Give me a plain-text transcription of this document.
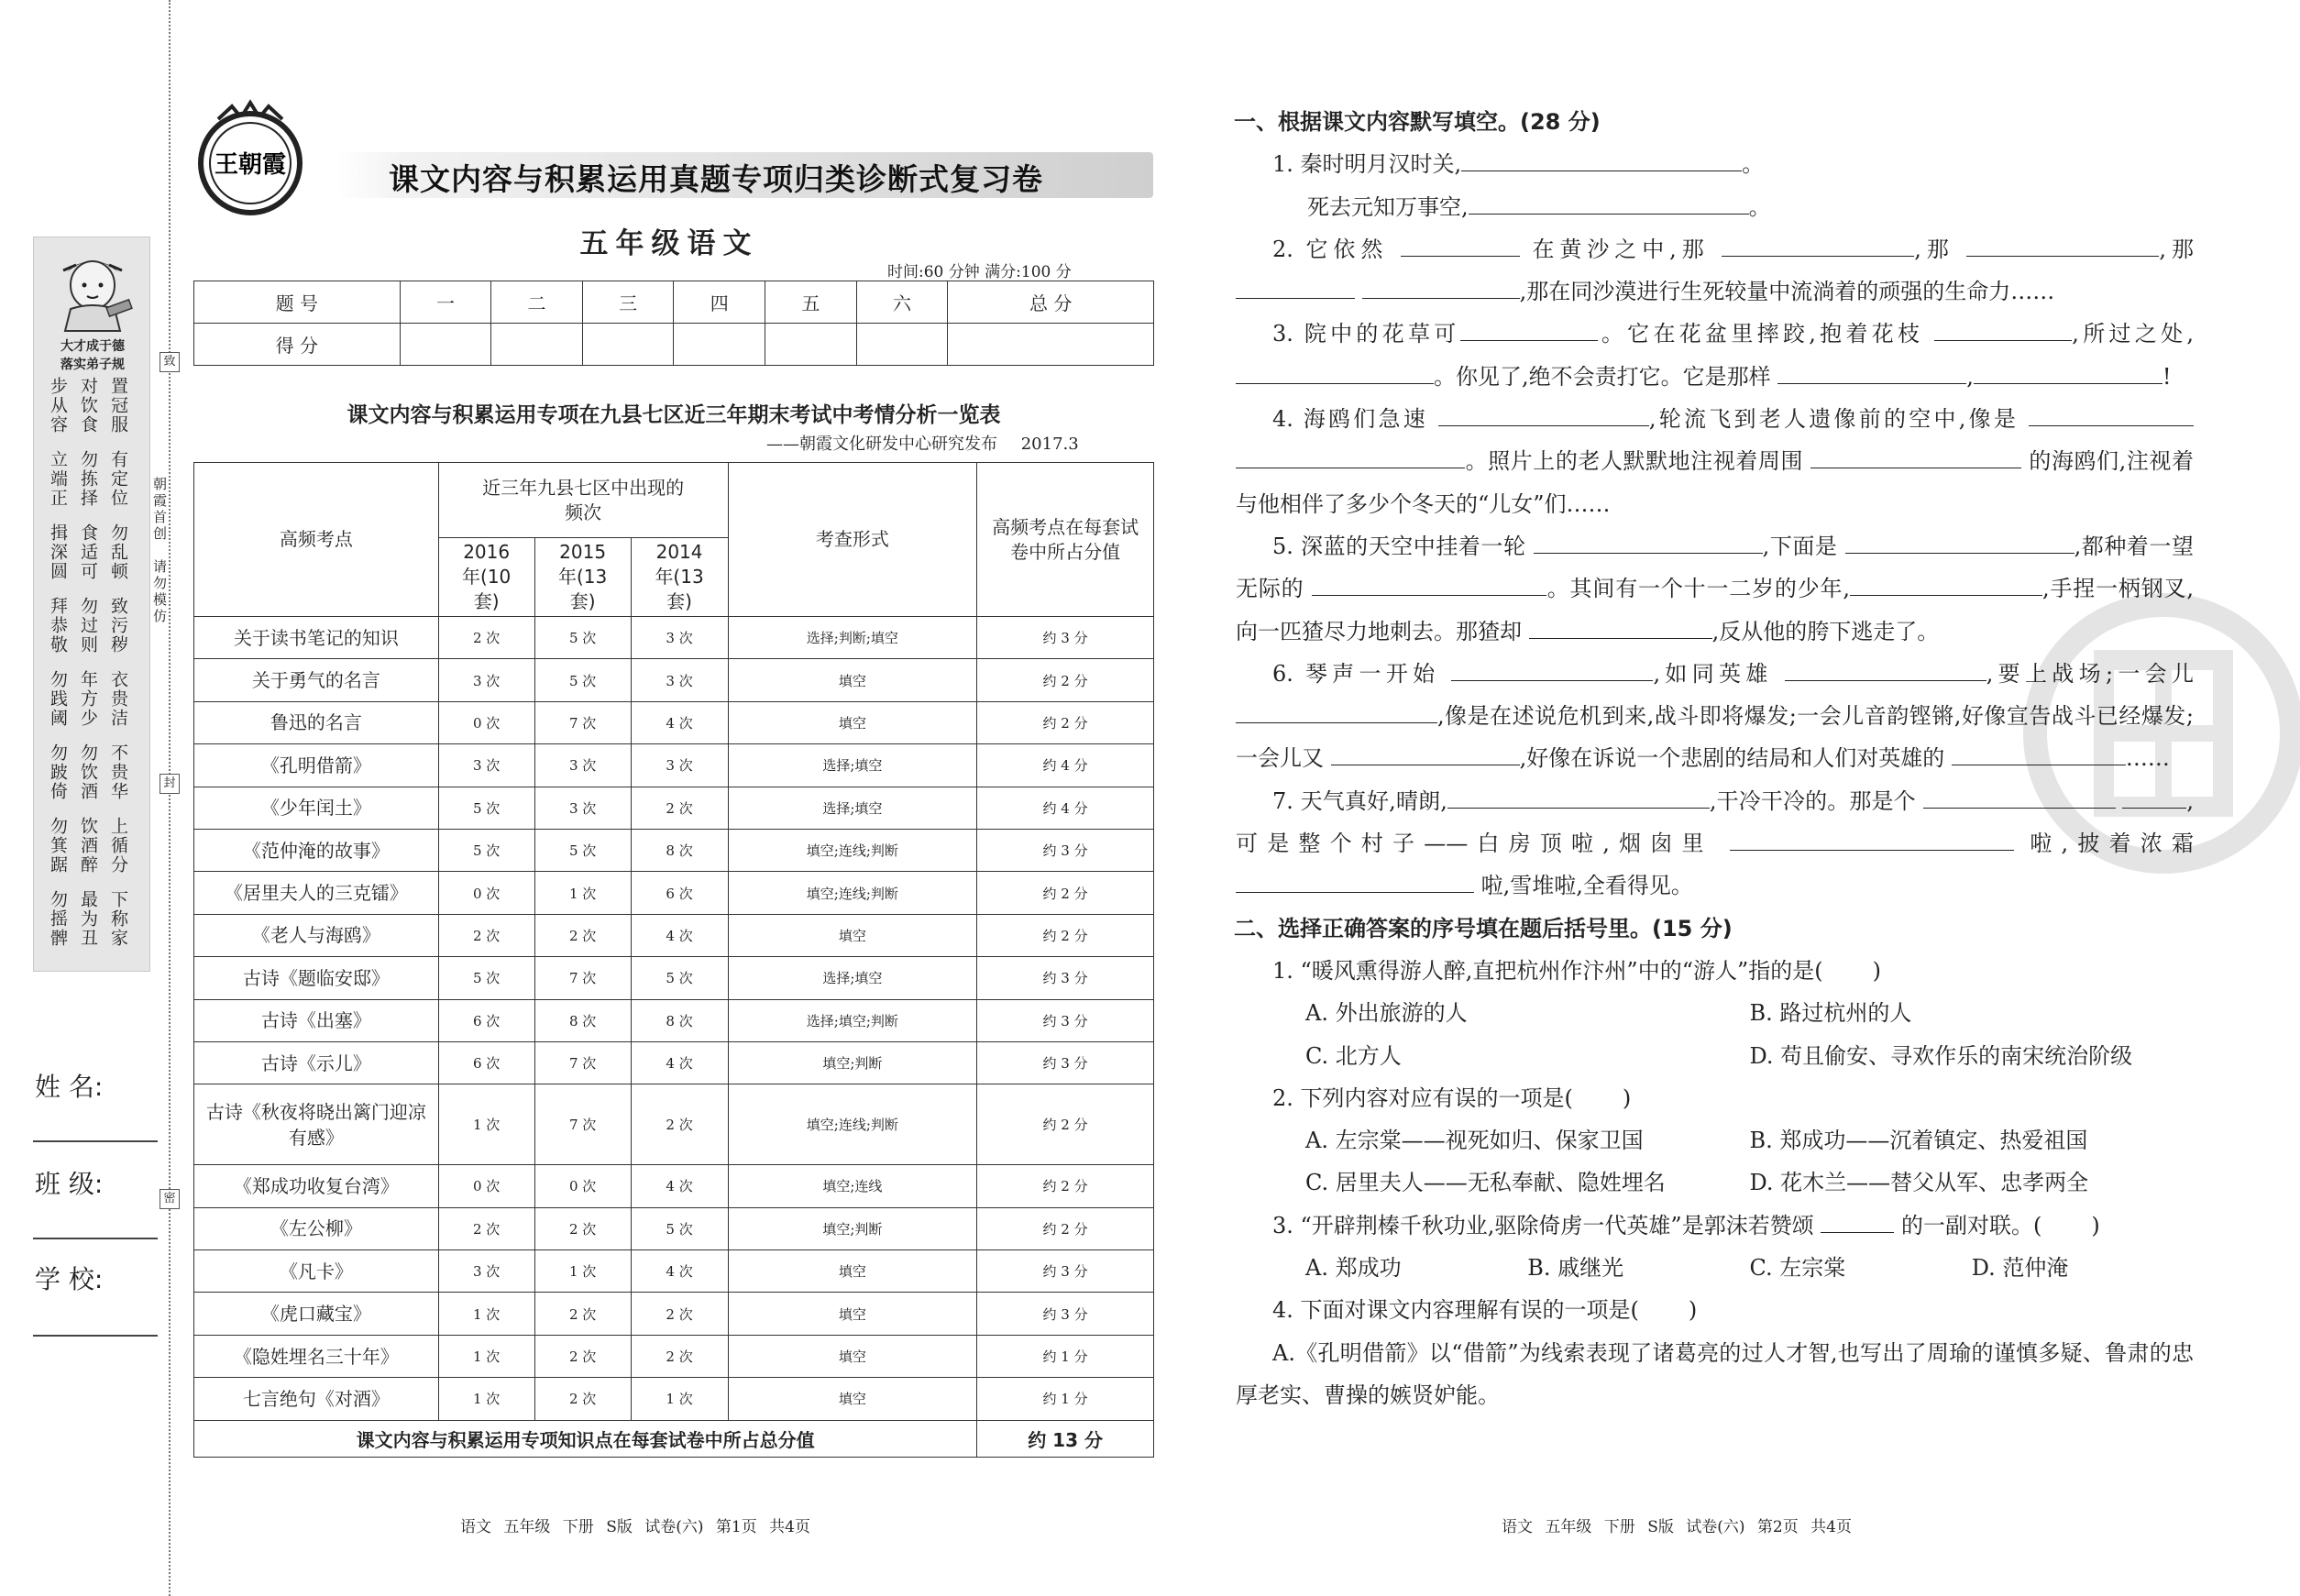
大才成于德
落实弟子规
步从容 对饮食 置冠服
立端正 勿拣择 有定位
揖深圆 食适可 勿乱顿
拜恭敬 勿过则 致污秽
勿践阈 年方少 衣贵洁
勿跛倚 勿饮酒 不贵华
勿箕踞 饮酒醉 上循分
勿摇髀 最为丑 下称家
姓 名:
班 级:
学 校:
致
封
密
朝霞首创
请勿模仿
王朝霞	课文内容与积累运用真题专项归类诊断式复习卷
五年级语文
时间:60 分钟 满分:100 分
题 号	一	二	三	四	五	六	总 分
得 分							
课文内容与积累运用专项在九县七区近三年期末考试中考情分析一览表
——朝霞文化研发中心研究发布 2017.3
高频考点	近三年九县七区中出现的频次			考查形式	高频考点在每套试卷中所占分值
	2016 年(10 套)	2015 年(13 套)	2014 年(13 套)		
关于读书笔记的知识	2 次	5 次	3 次	选择;判断;填空	约 3 分
关于勇气的名言	3 次	5 次	3 次	填空	约 2 分
鲁迅的名言	0 次	7 次	4 次	填空	约 2 分
《孔明借箭》	3 次	3 次	3 次	选择;填空	约 4 分
《少年闰土》	5 次	3 次	2 次	选择;填空	约 4 分
《范仲淹的故事》	5 次	5 次	8 次	填空;连线;判断	约 3 分
《居里夫人的三克镭》	0 次	1 次	6 次	填空;连线;判断	约 2 分
《老人与海鸥》	2 次	2 次	4 次	填空	约 2 分
古诗《题临安邸》	5 次	7 次	5 次	选择;填空	约 3 分
古诗《出塞》	6 次	8 次	8 次	选择;填空;判断	约 3 分
古诗《示儿》	6 次	7 次	4 次	填空;判断	约 3 分
古诗《秋夜将晓出篱门迎凉有感》	1 次	7 次	2 次	填空;连线;判断	约 2 分
《郑成功收复台湾》	0 次	0 次	4 次	填空;连线	约 2 分
《左公柳》	2 次	2 次	5 次	填空;判断	约 2 分
《凡卡》	3 次	1 次	4 次	填空	约 3 分
《虎口藏宝》	1 次	2 次	2 次	填空	约 3 分
《隐姓埋名三十年》	1 次	2 次	2 次	填空	约 1 分
七言绝句《对酒》	1 次	2 次	1 次	填空	约 1 分
课文内容与积累运用专项知识点在每套试卷中所占总分值					约 13 分
语文 五年级 下册 S版 试卷(六) 第1页 共4页	语文 五年级 下册 S版 试卷(六) 第2页 共4页
一、根据课文内容默写填空。(28 分)
1. 秦时明月汉时关,	。
死去元知万事空,	。
2. 它依然	在黄沙之中,那	,那	,那  ,那在同沙漠进行生死较量中流淌着的顽强的生命力……
3. 院中的花草可	。它在花盆里摔跤,抱着花枝	,所过之处, 。你见了,绝不会责打它。它是那样	,	!
4. 海鸥们急速	,轮流飞到老人遗像前的空中,像是  。照片上的老人默默地注视着周围	的海鸥们,注视着与他相伴了多少个冬天的“儿女”们……
5. 深蓝的天空中挂着一轮	,下面是	,都种着一望无际的	。其间有一个十一二岁的少年,	,手捏一柄钢叉,向一匹猹尽力地刺去。那猹却	,反从他的胯下逃走了。
6. 琴声一开始	,如同英雄	,要上战场;一会儿 ,像是在述说危机到来,战斗即将爆发;一会儿音韵铿锵,好像宣告战斗已经爆发;一会儿又	,好像在诉说一个悲剧的结局和人们对英雄的	……
7. 天气真好,晴朗,	,干冷干冷的。那是个	,可是整个村子——白房顶啦,烟囱里	啦,披着浓霜  啦,雪堆啦,全看得见。
二、选择正确答案的序号填在题后括号里。(15 分)
1. “暖风熏得游人醉,直把杭州作汴州”中的“游人”指的是( )
A. 外出旅游的人	B. 路过杭州的人
C. 北方人	D. 苟且偷安、寻欢作乐的南宋统治阶级
2. 下列内容对应有误的一项是( )
A. 左宗棠——视死如归、保家卫国	B. 郑成功——沉着镇定、热爱祖国
C. 居里夫人——无私奉献、隐姓埋名	D. 花木兰——替父从军、忠孝两全
3. “开辟荆榛千秋功业,驱除倚虏一代英雄”是郭沫若赞颂	的一副对联。( )
A. 郑成功	B. 戚继光	C. 左宗棠	D. 范仲淹
4. 下面对课文内容理解有误的一项是( )
A.《孔明借箭》以“借箭”为线索表现了诸葛亮的过人才智,也写出了周瑜的谨慎多疑、鲁肃的忠厚老实、曹操的嫉贤妒能。
